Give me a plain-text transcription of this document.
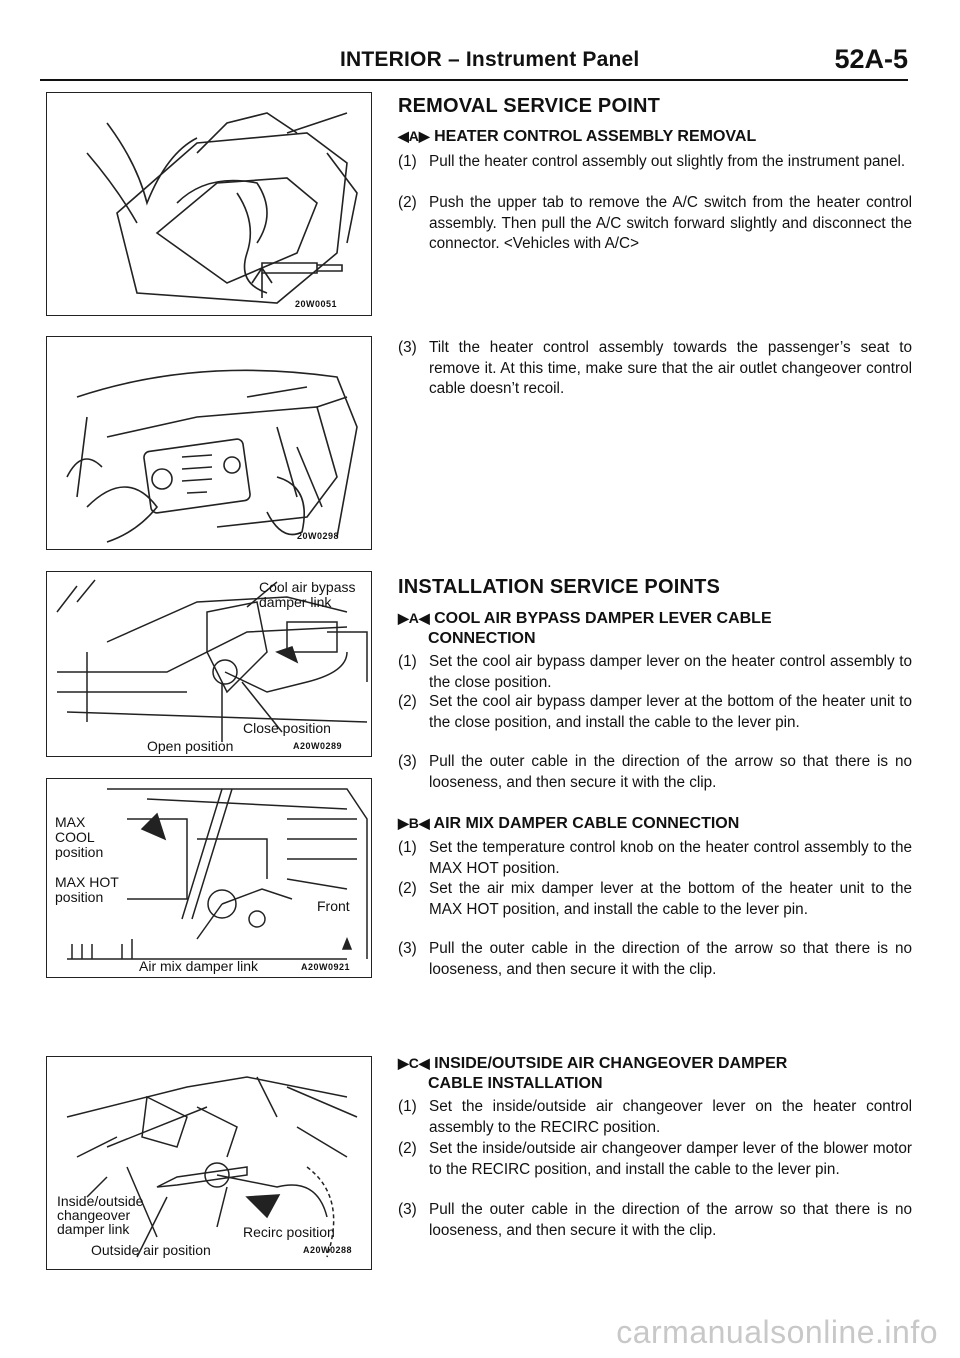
INTERIOR – Instrument Panel	52A-5
20W0051
20W0298
Cool air bypass damper link
Close position
Open position	A20W0289
MAX COOL position
MAX HOT position
Front
Air mix damper link	A20W0921
Inside/outside changeover damper link	Recirc position
Outside air position	A20W0288
REMOVAL SERVICE POINT
◀A▶ HEATER CONTROL ASSEMBLY REMOVAL
(1) Pull the heater control assembly out slightly from the instrument panel.
(2) Push the upper tab to remove the A/C switch from the heater control assembly. Then pull the A/C switch forward slightly and disconnect the connector. <Vehicles with A/C>
(3) Tilt the heater control assembly towards the passenger’s seat to remove it. At this time, make sure that the air outlet changeover control cable doesn’t recoil.
INSTALLATION SERVICE POINTS
▶A◀ COOL AIR BYPASS DAMPER LEVER CABLE
CONNECTION
(1) Set the cool air bypass damper lever on the heater control assembly to the close position.
(2) Set the cool air bypass damper lever at the bottom of the heater unit to the close position, and install the cable to the lever pin.
(3) Pull the outer cable in the direction of the arrow so that there is no looseness, and then secure it with the clip.
▶B◀ AIR MIX DAMPER CABLE CONNECTION
(1) Set the temperature control knob on the heater control assembly to the MAX HOT position.
(2) Set the air mix damper lever at the bottom of the heater unit to the MAX HOT position, and install the cable to the lever pin.
(3) Pull the outer cable in the direction of the arrow so that there is no looseness, and then secure it with the clip.
▶C◀ INSIDE/OUTSIDE AIR CHANGEOVER DAMPER
CABLE INSTALLATION
(1) Set the inside/outside air changeover lever on the heater control assembly to the RECIRC position.
(2) Set the inside/outside air changeover damper lever of the blower motor to the RECIRC position, and install the cable to the lever pin.
(3) Pull the outer cable in the direction of the arrow so that there is no looseness, and then secure it with the clip.
carmanualsonline.info
